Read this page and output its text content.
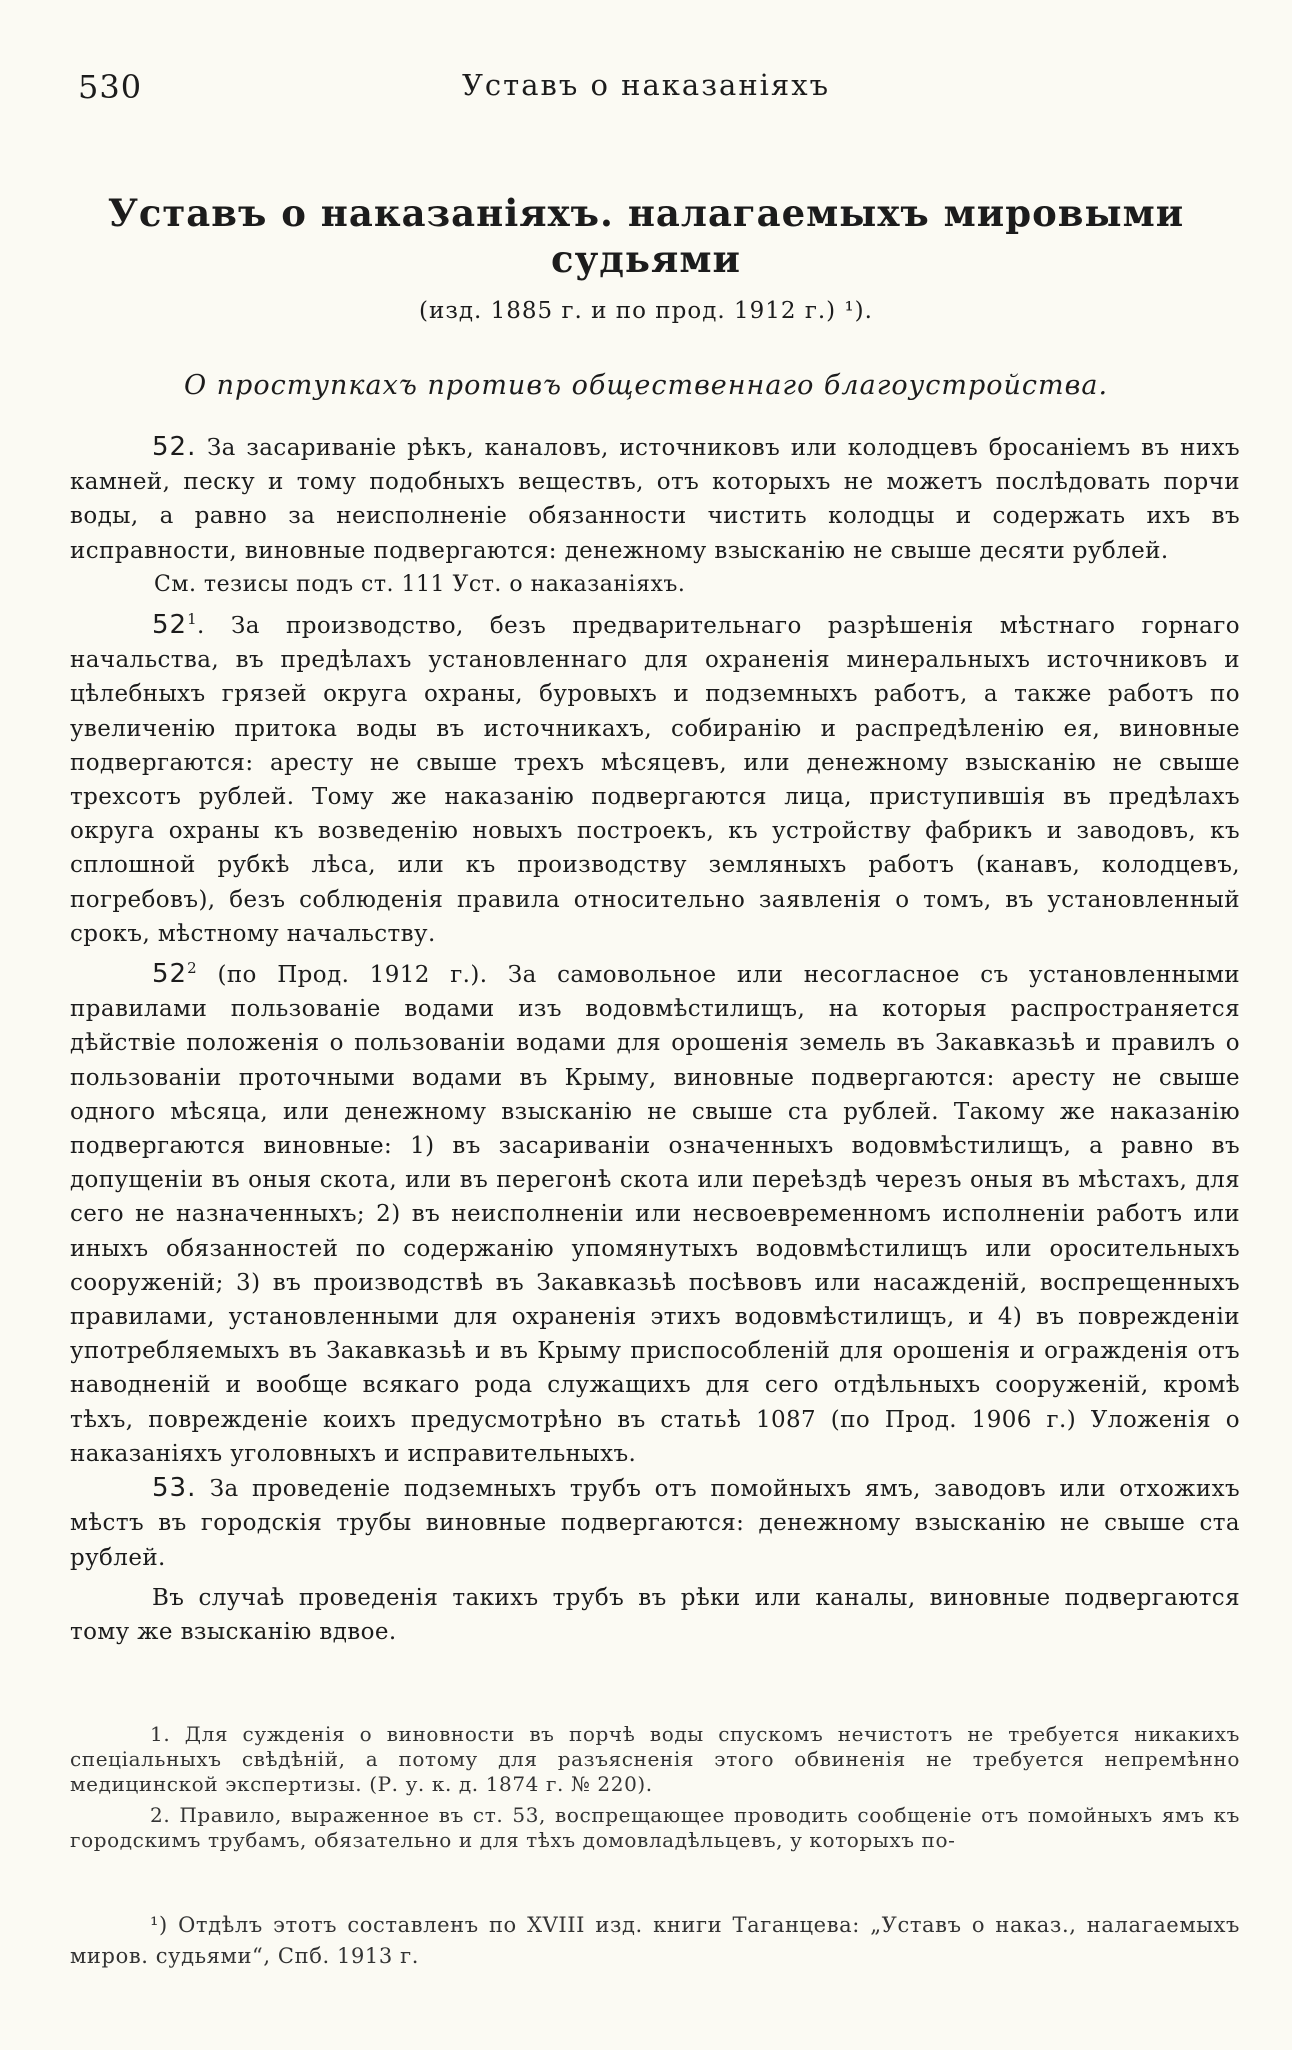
530	Уставъ о наказаніяхъ
Уставъ о наказаніяхъ. налагаемыхъ мировыми судьями
(изд. 1885 г. и по прод. 1912 г.) ¹).
О проступкахъ противъ общественнаго благоустройства.

52. За засариваніе рѣкъ, каналовъ, источниковъ или колодцевъ бросаніемъ въ нихъ камней, песку и тому подобныхъ веществъ, отъ которыхъ не можетъ послѣдовать порчи воды, а равно за неисполненіе обязанности чистить колодцы и содержать ихъ въ исправности, виновные подвергаются: денежному взысканію не свыше десяти рублей.

См. тезисы подъ ст. 111 Уст. о наказаніяхъ.

$52^1$. За производство, безъ предварительнаго разрѣшенія мѣстнаго горнаго начальства, въ предѣлахъ установленнаго для охраненія минеральныхъ источниковъ и цѣлебныхъ грязей округа охраны, буровыхъ и подземныхъ работъ, а также работъ по увеличенію притока воды въ источникахъ, собиранію и распредѣленію ея, виновные подвергаются: аресту не свыше трехъ мѣсяцевъ, или денежному взысканію не свыше трехсотъ рублей. Тому же наказанію подвергаются лица, приступившія въ предѣлахъ округа охраны къ возведенію новыхъ построекъ, къ устройству фабрикъ и заводовъ, къ сплошной рубкѣ лѣса, или къ производству земляныхъ работъ (канавъ, колодцевъ, погребовъ), безъ соблюденія правила относительно заявленія о томъ, въ установленный срокъ, мѣстному начальству.

$52^2$ (по Прод. 1912 г.). За самовольное или несогласное съ установленными правилами пользованіе водами изъ водовмѣстилищъ, на которыя распространяется дѣйствіе положенія о пользованіи водами для орошенія земель въ Закавказьѣ и правилъ о пользованіи проточными водами въ Крыму, виновные подвергаются: аресту не свыше одного мѣсяца, или денежному взысканію не свыше ста рублей. Такому же наказанію подвергаются виновные: 1) въ засариваніи означенныхъ водовмѣстилищъ, а равно въ допущеніи въ оныя скота, или въ перегонѣ скота или переѣздѣ черезъ оныя въ мѣстахъ, для сего не назначенныхъ; 2) въ неисполненіи или несвоевременномъ исполненіи работъ или иныхъ обязанностей по содержанію упомянутыхъ водовмѣстилищъ или оросительныхъ сооруженій; 3) въ производствѣ въ Закавказьѣ посѣвовъ или насажденій, воспрещенныхъ правилами, установленными для охраненія этихъ водовмѣстилищъ, и 4) въ поврежденіи употребляемыхъ въ Закавказьѣ и въ Крыму приспособленій для орошенія и огражденія отъ наводненій и вообще всякаго рода служащихъ для сего отдѣльныхъ сооруженій, кромѣ тѣхъ, поврежденіе коихъ предусмотрѣно въ статьѣ 1087 (по Прод. 1906 г.) Уложенія о наказаніяхъ уголовныхъ и исправительныхъ.

53. За проведеніе подземныхъ трубъ отъ помойныхъ ямъ, заводовъ или отхожихъ мѣстъ въ городскія трубы виновные подвергаются: денежному взысканію не свыше ста рублей.

Въ случаѣ проведенія такихъ трубъ въ рѣки или каналы, виновные подвергаются тому же взысканію вдвое.

1. Для сужденія о виновности въ порчѣ воды спускомъ нечистотъ не требуется никакихъ спеціальныхъ свѣдѣній, а потому для разъясненія этого обвиненія не требуется непремѣнно медицинской экспертизы. (Р. у. к. д. 1874 г. № 220).

2. Правило, выраженное въ ст. 53, воспрещающее проводить сообщеніе отъ помойныхъ ямъ къ городскимъ трубамъ, обязательно и для тѣхъ домовладѣльцевъ, у которыхъ по-

¹) Отдѣлъ этотъ составленъ по XVIII изд. книги Таганцева: „Уставъ о наказ., налагаемыхъ миров. судьями“, Спб. 1913 г.
